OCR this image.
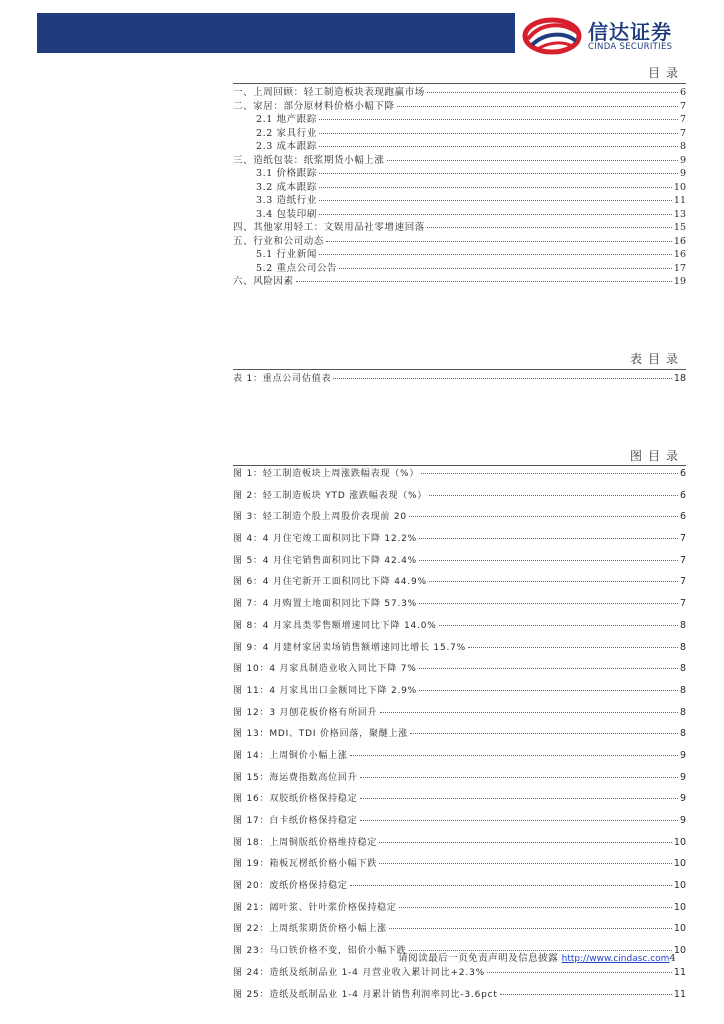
信达证券
CINDA SECURITIES
目录
一、上周回顾：轻工制造板块表现跑赢市场	6
二、家居：部分原材料价格小幅下降	7
2.1 地产跟踪	7
2.2 家具行业	7
2.3 成本跟踪	8
三、造纸包装：纸浆期货小幅上涨	9
3.1 价格跟踪	9
3.2 成本跟踪	10
3.3 造纸行业	11
3.4 包装印刷	13
四、其他家用轻工：文娱用品社零增速回落	15
五、行业和公司动态	16
5.1 行业新闻	16
5.2 重点公司公告	17
六、风险因素	19
表目录
表 1：重点公司估值表	18
图目录
图 1：轻工制造板块上周涨跌幅表现（%）	6
图 2：轻工制造板块 YTD 涨跌幅表现（%）	6
图 3：轻工制造个股上周股价表现前 20	6
图 4：4 月住宅竣工面积同比下降 12.2%	7
图 5：4 月住宅销售面积同比下降 42.4%	7
图 6：4 月住宅新开工面积同比下降 44.9%	7
图 7：4 月购置土地面积同比下降 57.3%	7
图 8：4 月家具类零售额增速同比下降 14.0%	8
图 9：4 月建材家居卖场销售额增速同比增长 15.7%	8
图 10：4 月家具制造业收入同比下降 7%	8
图 11：4 月家具出口金额同比下降 2.9%	8
图 12：3 月刨花板价格有所回升	8
图 13：MDI、TDI 价格回落，聚醚上涨	8
图 14：上周铜价小幅上涨	9
图 15：海运费指数高位回升	9
图 16：双胶纸价格保持稳定	9
图 17：白卡纸价格保持稳定	9
图 18：上周铜版纸价格维持稳定	10
图 19：箱板瓦楞纸价格小幅下跌	10
图 20：废纸价格保持稳定	10
图 21：阔叶浆、针叶浆价格保持稳定	10
图 22：上周纸浆期货价格小幅上涨	10
图 23：马口铁价格不变，铝价小幅下跌	10
图 24：造纸及纸制品业 1-4 月营业收入累计同比+2.3%	11
图 25：造纸及纸制品业 1-4 月累计销售利润率同比-3.6pct	11
请阅读最后一页免责声明及信息披露 http://www.cindasc.com4
